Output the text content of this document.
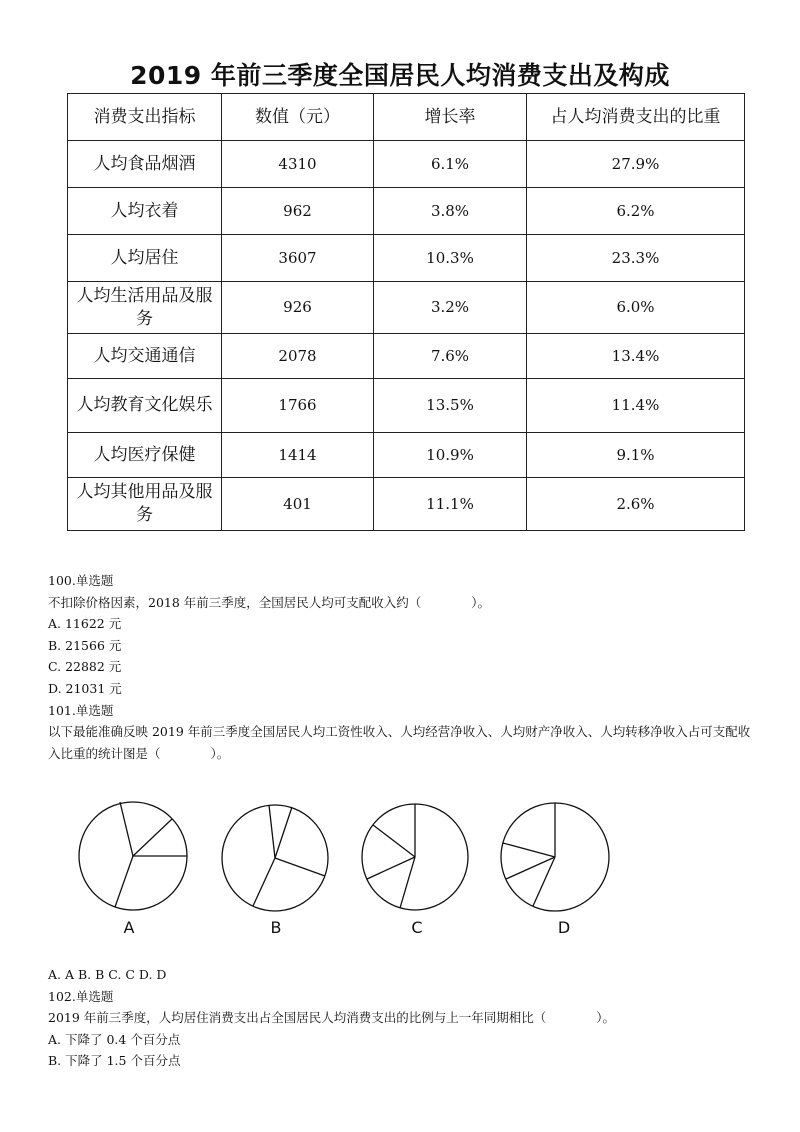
2019 年前三季度全国居民人均消费支出及构成
消费支出指标	数值（元）	增长率	占人均消费支出的比重
人均食品烟酒	4310	6.1%	27.9%
人均衣着	962	3.8%	6.2%
人均居住	3607	10.3%	23.3%
人均生活用品及服务	926	3.2%	6.0%
人均交通通信	2078	7.6%	13.4%
人均教育文化娱乐	1766	13.5%	11.4%
人均医疗保健	1414	10.9%	9.1%
人均其他用品及服务	401	11.1%	2.6%

100.单选题

不扣除价格因素，2018 年前三季度，全国居民人均可支配收入约（　　　　）。

A. 11622 元

B. 21566 元

C. 22882 元

D. 21031 元

101.单选题

以下最能准确反映 2019 年前三季度全国居民人均工资性收入、人均经营净收入、人均财产净收入、人均转移净收入占可支配收入比重的统计图是（　　　　）。

A	B	C	D

A. A B. B C. C D. D

102.单选题

2019 年前三季度，人均居住消费支出占全国居民人均消费支出的比例与上一年同期相比（　　　　）。

A. 下降了 0.4 个百分点

B. 下降了 1.5 个百分点
